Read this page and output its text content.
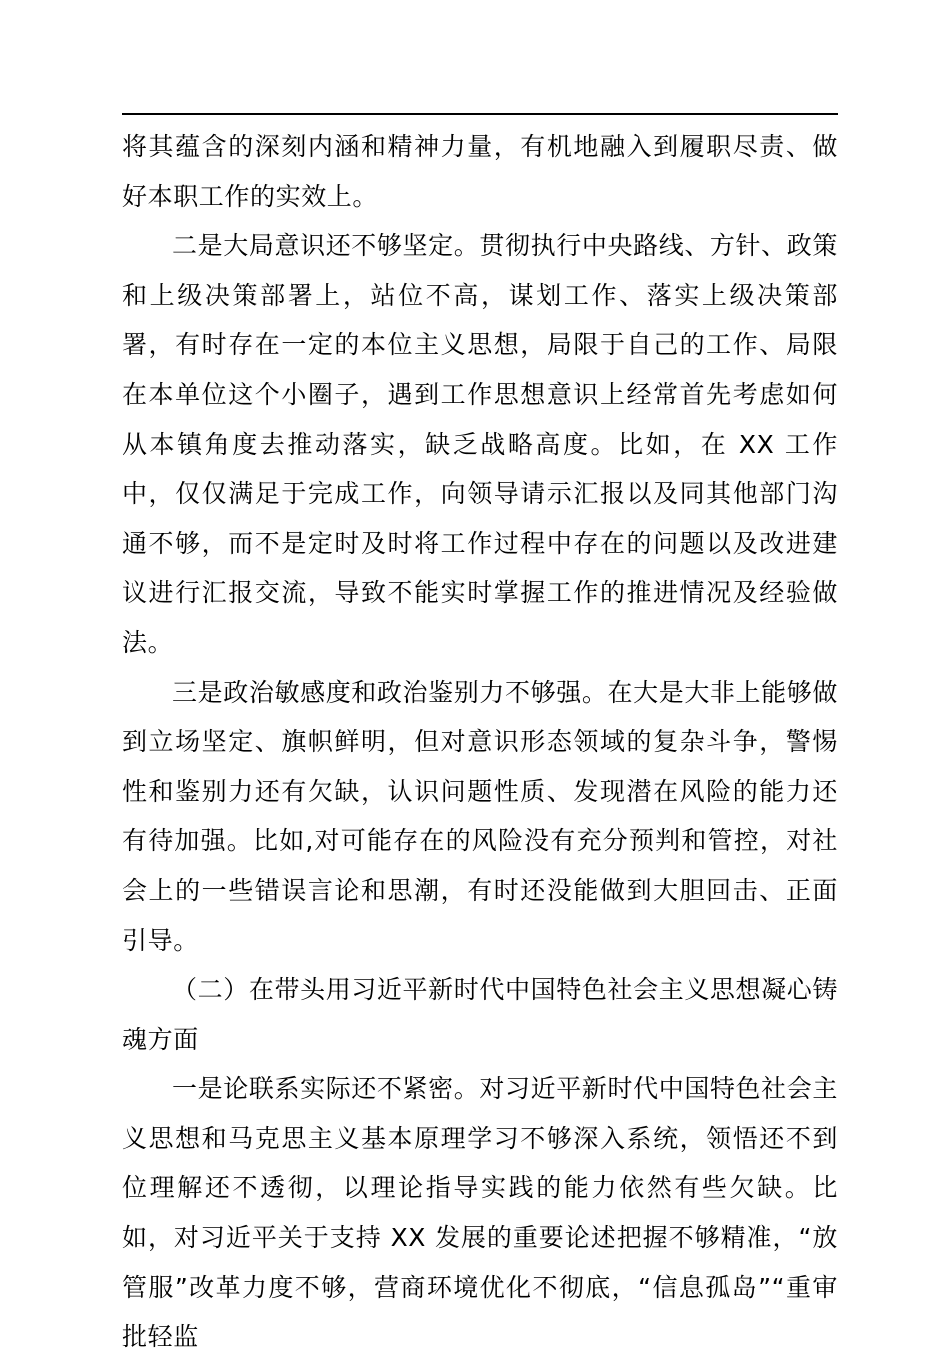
将其蕴含的深刻内涵和精神力量，有机地融入到履职尽责、做好本职工作的实效上。

二是大局意识还不够坚定。贯彻执行中央路线、方针、政策和上级决策部署上，站位不高，谋划工作、落实上级决策部署，有时存在一定的本位主义思想，局限于自己的工作、局限在本单位这个小圈子，遇到工作思想意识上经常首先考虑如何从本镇角度去推动落实，缺乏战略高度。比如，在 XX 工作中，仅仅满足于完成工作，向领导请示汇报以及同其他部门沟通不够，而不是定时及时将工作过程中存在的问题以及改进建议进行汇报交流，导致不能实时掌握工作的推进情况及经验做法。

三是政治敏感度和政治鉴别力不够强。在大是大非上能够做到立场坚定、旗帜鲜明，但对意识形态领域的复杂斗争，警惕性和鉴别力还有欠缺，认识问题性质、发现潜在风险的能力还有待加强。比如,对可能存在的风险没有充分预判和管控，对社会上的一些错误言论和思潮，有时还没能做到大胆回击、正面引导。

（二）在带头用习近平新时代中国特色社会主义思想凝心铸魂方面

一是论联系实际还不紧密。对习近平新时代中国特色社会主义思想和马克思主义基本原理学习不够深入系统，领悟还不到位理解还不透彻，以理论指导实践的能力依然有些欠缺。比如，对习近平关于支持 XX 发展的重要论述把握不够精准，“放管服”改革力度不够，营商环境优化不彻底，“信息孤岛”“重审批轻监
